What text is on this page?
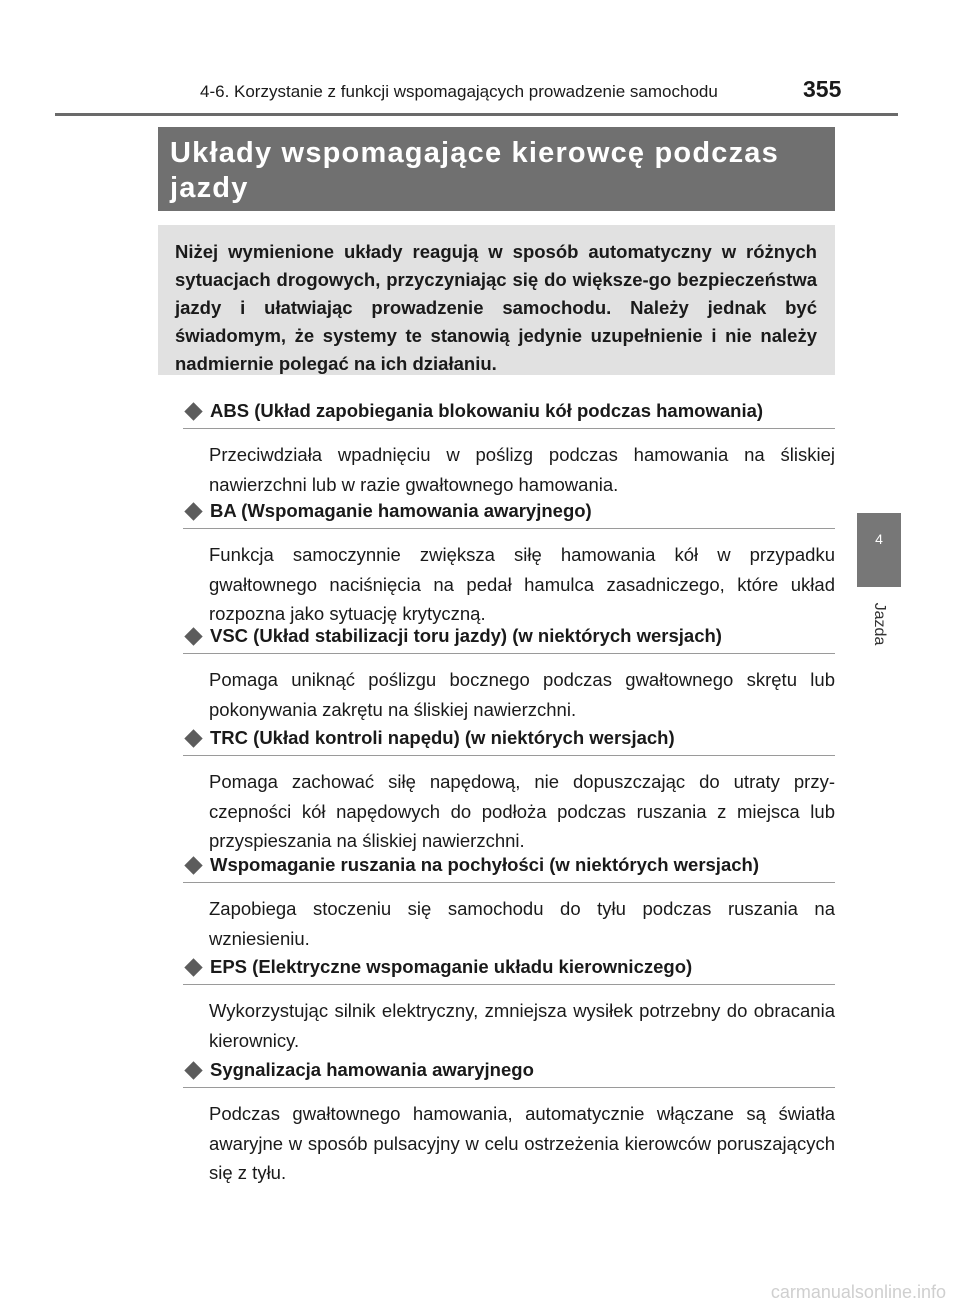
4-6. Korzystanie z funkcji wspomagających prowadzenie samochodu	355
4
Jazda
Układy wspomagające kierowcę podczas jazdy
Niżej wymienione układy reagują w sposób automatyczny w różnych sytuacjach drogowych, przyczyniając się do większe-go bezpieczeństwa jazdy i ułatwiając prowadzenie samochodu. Należy jednak być świadomym, że systemy te stanowią jedynie uzupełnienie i nie należy nadmiernie polegać na ich działaniu.
ABS (Układ zapobiegania blokowaniu kół podczas hamowania)
Przeciwdziała wpadnięciu w poślizg podczas hamowania na śliskiej nawierzchni lub w razie gwałtownego hamowania.
BA (Wspomaganie hamowania awaryjnego)
Funkcja samoczynnie zwiększa siłę hamowania kół w przypadku gwałtownego naciśnięcia na pedał hamulca zasadniczego, które układ rozpozna jako sytuację krytyczną.
VSC (Układ stabilizacji toru jazdy) (w niektórych wersjach)
Pomaga uniknąć poślizgu bocznego podczas gwałtownego skrętu lub pokonywania zakrętu na śliskiej nawierzchni.
TRC (Układ kontroli napędu) (w niektórych wersjach)
Pomaga zachować siłę napędową, nie dopuszczając do utraty przy-czepności kół napędowych do podłoża podczas ruszania z miejsca lub przyspieszania na śliskiej nawierzchni.
Wspomaganie ruszania na pochyłości (w niektórych wersjach)
Zapobiega stoczeniu się samochodu do tyłu podczas ruszania na wzniesieniu.
EPS (Elektryczne wspomaganie układu kierowniczego)
Wykorzystując silnik elektryczny, zmniejsza wysiłek potrzebny do obracania kierownicy.
Sygnalizacja hamowania awaryjnego
Podczas gwałtownego hamowania, automatycznie włączane są światła awaryjne w sposób pulsacyjny w celu ostrzeżenia kierowców poruszających się z tyłu.
carmanualsonline.info
